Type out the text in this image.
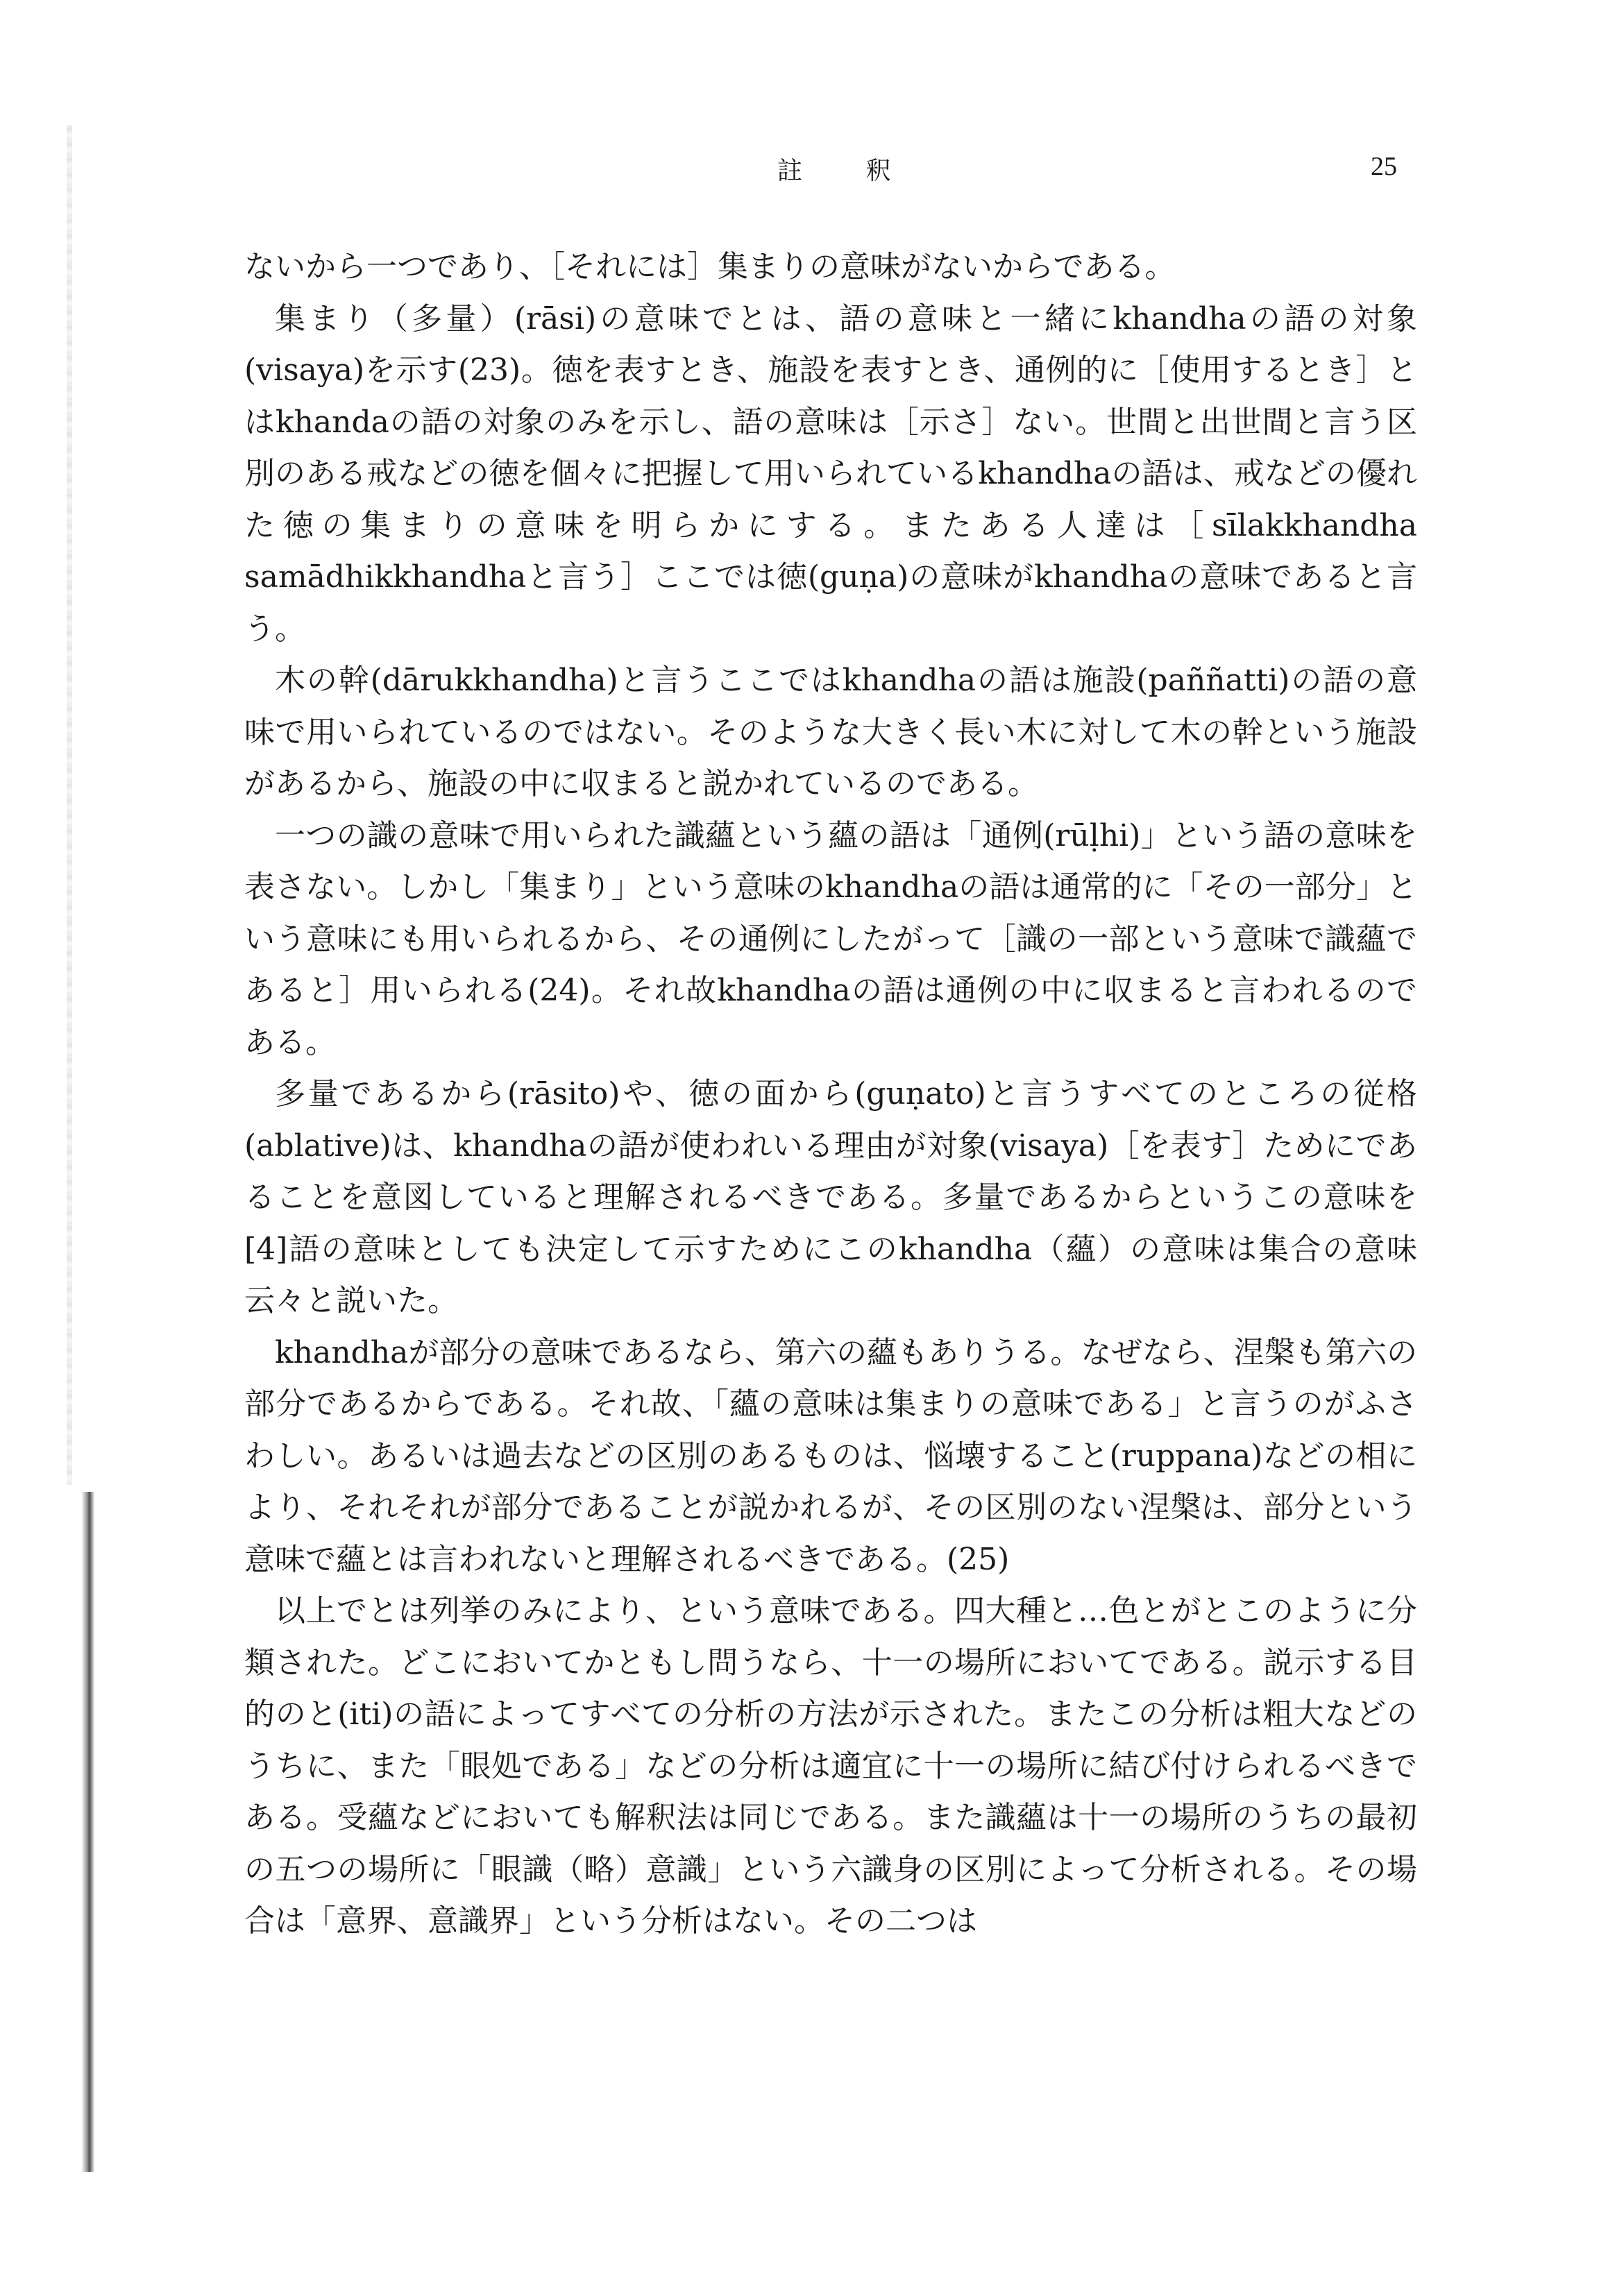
註 釈	25

ないから一つであり、［それには］集まりの意味がないからである。

集まり（多量）(rāsi)の意味でとは、語の意味と一緒にkhandhaの語の対象(visaya)を示す(23)。徳を表すとき、施設を表すとき、通例的に［使用するとき］とはkhandaの語の対象のみを示し、語の意味は［示さ］ない。世間と出世間と言う区別のある戒などの徳を個々に把握して用いられているkhandhaの語は、戒などの優れた徳の集まりの意味を明らかにする。またある人達は［sīlakkhandha samādhikkhandhaと言う］ここでは徳(guṇa)の意味がkhandhaの意味であると言う。

木の幹(dārukkhandha)と言うここではkhandhaの語は施設(paññatti)の語の意味で用いられているのではない。そのような大きく長い木に対して木の幹という施設があるから、施設の中に収まると説かれているのである。

一つの識の意味で用いられた識蘊という蘊の語は「通例(rūḷhi)」という語の意味を表さない。しかし「集まり」という意味のkhandhaの語は通常的に「その一部分」という意味にも用いられるから、その通例にしたがって［識の一部という意味で識蘊であると］用いられる(24)。それ故khandhaの語は通例の中に収まると言われるのである。

多量であるから(rāsito)や、徳の面から(guṇato)と言うすべてのところの従格(ablative)は、khandhaの語が使われいる理由が対象(visaya)［を表す］ためにであることを意図していると理解されるべきである。多量であるからというこの意味を[4]語の意味としても決定して示すためにこのkhandha（蘊）の意味は集合の意味云々と説いた。

khandhaが部分の意味であるなら、第六の蘊もありうる。なぜなら、涅槃も第六の部分であるからである。それ故、「蘊の意味は集まりの意味である」と言うのがふさわしい。あるいは過去などの区別のあるものは、悩壊すること(ruppana)などの相により、それそれが部分であることが説かれるが、その区別のない涅槃は、部分という意味で蘊とは言われないと理解されるべきである。(25)

以上でとは列挙のみにより、という意味である。四大種と…色とがとこのように分類された。どこにおいてかともし問うなら、十一の場所においてである。説示する目的のと(iti)の語によってすべての分析の方法が示された。またこの分析は粗大などのうちに、また「眼処である」などの分析は適宜に十一の場所に結び付けられるべきである。受蘊などにおいても解釈法は同じである。また識蘊は十一の場所のうちの最初の五つの場所に「眼識（略）意識」という六識身の区別によって分析される。その場合は「意界、意識界」という分析はない。その二つは
